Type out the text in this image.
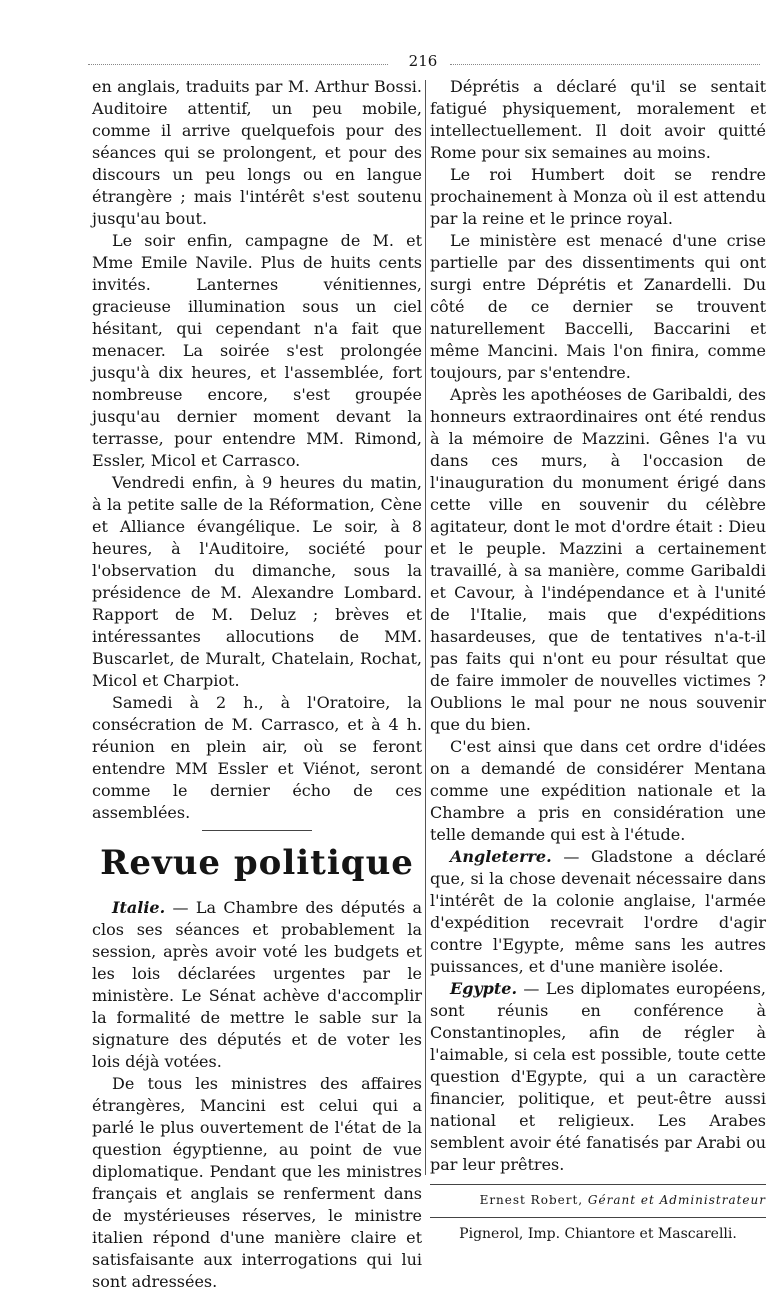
216

en anglais, traduits par M. Arthur Bossi. Auditoire attentif, un peu mobile, comme il arrive quelquefois pour des séances qui se prolongent, et pour des discours un peu longs ou en langue étrangère ; mais l'intérêt s'est soutenu jusqu'au bout.

Le soir enfin, campagne de M. et Mme Emile Navile. Plus de huits cents invités. Lanternes vénitiennes, gracieuse illumination sous un ciel hésitant, qui cependant n'a fait que menacer. La soirée s'est prolongée jusqu'à dix heures, et l'assemblée, fort nombreuse encore, s'est groupée jusqu'au dernier moment devant la terrasse, pour entendre MM. Rimond, Essler, Micol et Carrasco.

Vendredi enfin, à 9 heures du matin, à la petite salle de la Réformation, Cène et Alliance évangélique. Le soir, à 8 heures, à l'Auditoire, société pour l'observation du dimanche, sous la présidence de M. Alexandre Lombard. Rapport de M. Deluz ; brèves et intéressantes allocutions de MM. Buscarlet, de Muralt, Chatelain, Rochat, Micol et Charpiot.

Samedi à 2 h., à l'Oratoire, la consécration de M. Carrasco, et à 4 h. réunion en plein air, où se feront entendre MM Essler et Viénot, seront comme le dernier écho de ces assemblées.

Revue politique

Italie. — La Chambre des députés a clos ses séances et probablement la session, après avoir voté les budgets et les lois déclarées urgentes par le ministère. Le Sénat achève d'accomplir la formalité de mettre le sable sur la signature des députés et de voter les lois déjà votées.

De tous les ministres des affaires étrangères, Mancini est celui qui a parlé le plus ouvertement de l'état de la question égyptienne, au point de vue diplomatique. Pendant que les ministres français et anglais se renferment dans de mystérieuses réserves, le ministre italien répond d'une manière claire et satisfaisante aux interrogations qui lui sont adressées.

Déprétis a déclaré qu'il se sentait fatigué physiquement, moralement et intellectuellement. Il doit avoir quitté Rome pour six semaines au moins.

Le roi Humbert doit se rendre prochainement à Monza où il est attendu par la reine et le prince royal.

Le ministère est menacé d'une crise partielle par des dissentiments qui ont surgi entre Déprétis et Zanardelli. Du côté de ce dernier se trouvent naturellement Baccelli, Baccarini et même Mancini. Mais l'on finira, comme toujours, par s'entendre.

Après les apothéoses de Garibaldi, des honneurs extraordinaires ont été rendus à la mémoire de Mazzini. Gênes l'a vu dans ces murs, à l'occasion de l'inauguration du monument érigé dans cette ville en souvenir du célèbre agitateur, dont le mot d'ordre était : Dieu et le peuple. Mazzini a certainement travaillé, à sa manière, comme Garibaldi et Cavour, à l'indépendance et à l'unité de l'Italie, mais que d'expéditions hasardeuses, que de tentatives n'a-t-il pas faits qui n'ont eu pour résultat que de faire immoler de nouvelles victimes ? Oublions le mal pour ne nous souvenir que du bien.

C'est ainsi que dans cet ordre d'idées on a demandé de considérer Mentana comme une expédition nationale et la Chambre a pris en considération une telle demande qui est à l'étude.

Angleterre. — Gladstone a déclaré que, si la chose devenait nécessaire dans l'intérêt de la colonie anglaise, l'armée d'expédition recevrait l'ordre d'agir contre l'Egypte, même sans les autres puissances, et d'une manière isolée.

Egypte. — Les diplomates européens, sont réunis en conférence à Constantinoples, afin de régler à l'aimable, si cela est possible, toute cette question d'Egypte, qui a un caractère financier, politique, et peut-être aussi national et religieux. Les Arabes semblent avoir été fanatisés par Arabi ou par leur prêtres.

Ernest Robert, Gérant et Administrateur
Pignerol, Imp. Chiantore et Mascarelli.
